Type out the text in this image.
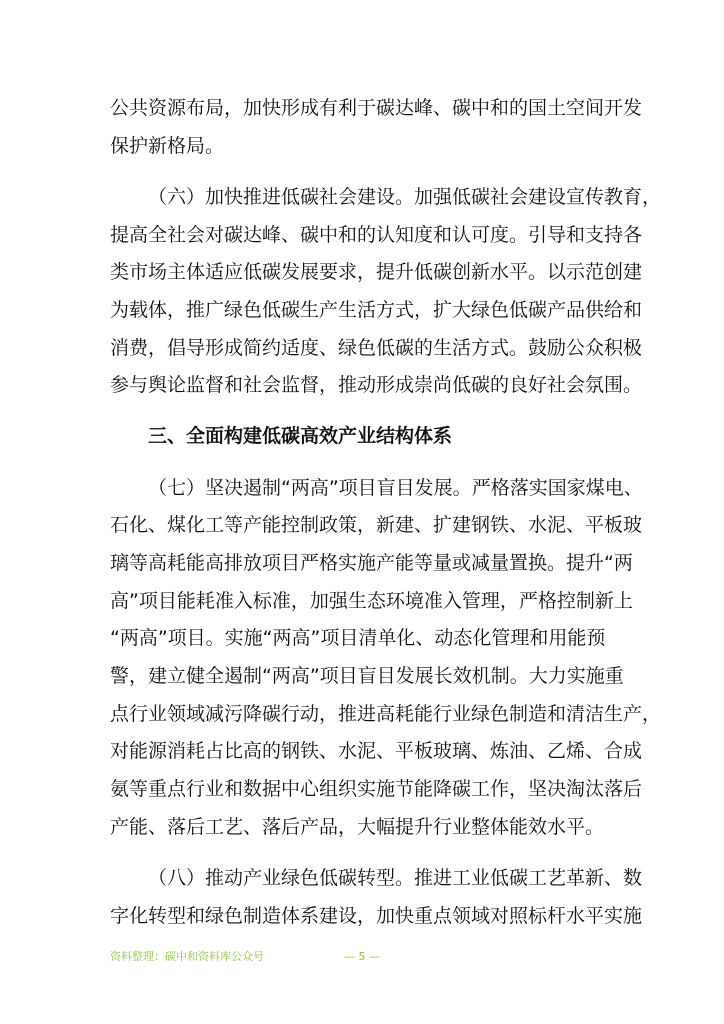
公共资源布局，加快形成有利于碳达峰、碳中和的国土空间开发
保护新格局。
（六）加快推进低碳社会建设。加强低碳社会建设宣传教育，
提高全社会对碳达峰、碳中和的认知度和认可度。引导和支持各
类市场主体适应低碳发展要求，提升低碳创新水平。以示范创建
为载体，推广绿色低碳生产生活方式，扩大绿色低碳产品供给和
消费，倡导形成简约适度、绿色低碳的生活方式。鼓励公众积极
参与舆论监督和社会监督，推动形成崇尚低碳的良好社会氛围。
三、全面构建低碳高效产业结构体系
（七）坚决遏制“两高”项目盲目发展。严格落实国家煤电、
石化、煤化工等产能控制政策，新建、扩建钢铁、水泥、平板玻
璃等高耗能高排放项目严格实施产能等量或减量置换。提升“两
高”项目能耗准入标准，加强生态环境准入管理，严格控制新上
“两高”项目。实施“两高”项目清单化、动态化管理和用能预
警，建立健全遏制“两高”项目盲目发展长效机制。大力实施重
点行业领域减污降碳行动，推进高耗能行业绿色制造和清洁生产，
对能源消耗占比高的钢铁、水泥、平板玻璃、炼油、乙烯、合成
氨等重点行业和数据中心组织实施节能降碳工作，坚决淘汰落后
产能、落后工艺、落后产品，大幅提升行业整体能效水平。
（八）推动产业绿色低碳转型。推进工业低碳工艺革新、数
字化转型和绿色制造体系建设，加快重点领域对照标杆水平实施
资料整理：碳中和资料库公众号	— 5 —
